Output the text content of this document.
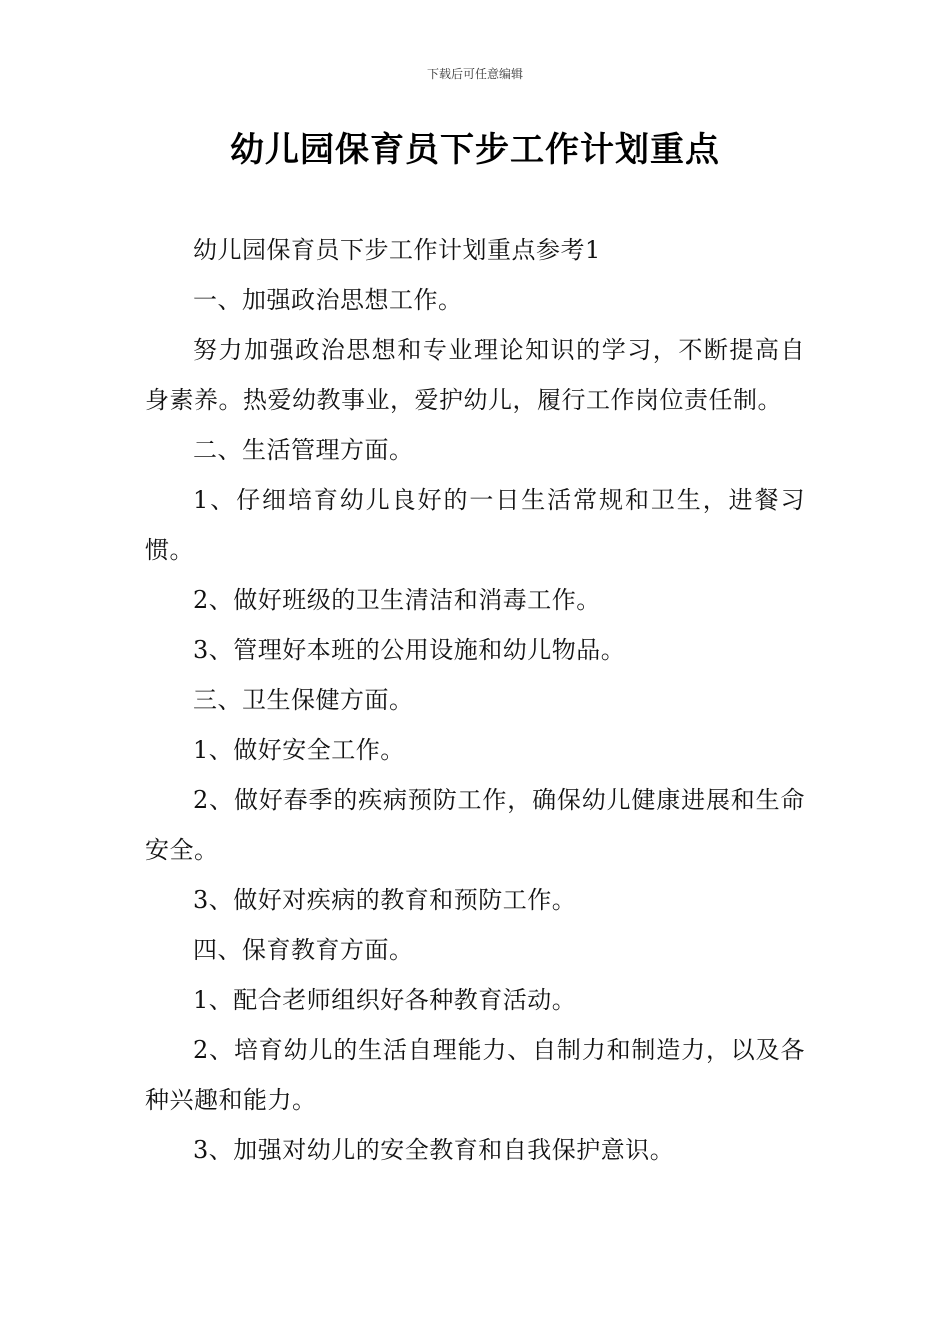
下载后可任意编辑
幼儿园保育员下步工作计划重点

幼儿园保育员下步工作计划重点参考1

一、加强政治思想工作。

努力加强政治思想和专业理论知识的学习，不断提高自身素养。热爱幼教事业，爱护幼儿，履行工作岗位责任制。

二、生活管理方面。

1、仔细培育幼儿良好的一日生活常规和卫生，进餐习惯。

2、做好班级的卫生清洁和消毒工作。

3、管理好本班的公用设施和幼儿物品。

三、卫生保健方面。

1、做好安全工作。

2、做好春季的疾病预防工作，确保幼儿健康进展和生命安全。

3、做好对疾病的教育和预防工作。

四、保育教育方面。

1、配合老师组织好各种教育活动。

2、培育幼儿的生活自理能力、自制力和制造力，以及各种兴趣和能力。

3、加强对幼儿的安全教育和自我保护意识。
